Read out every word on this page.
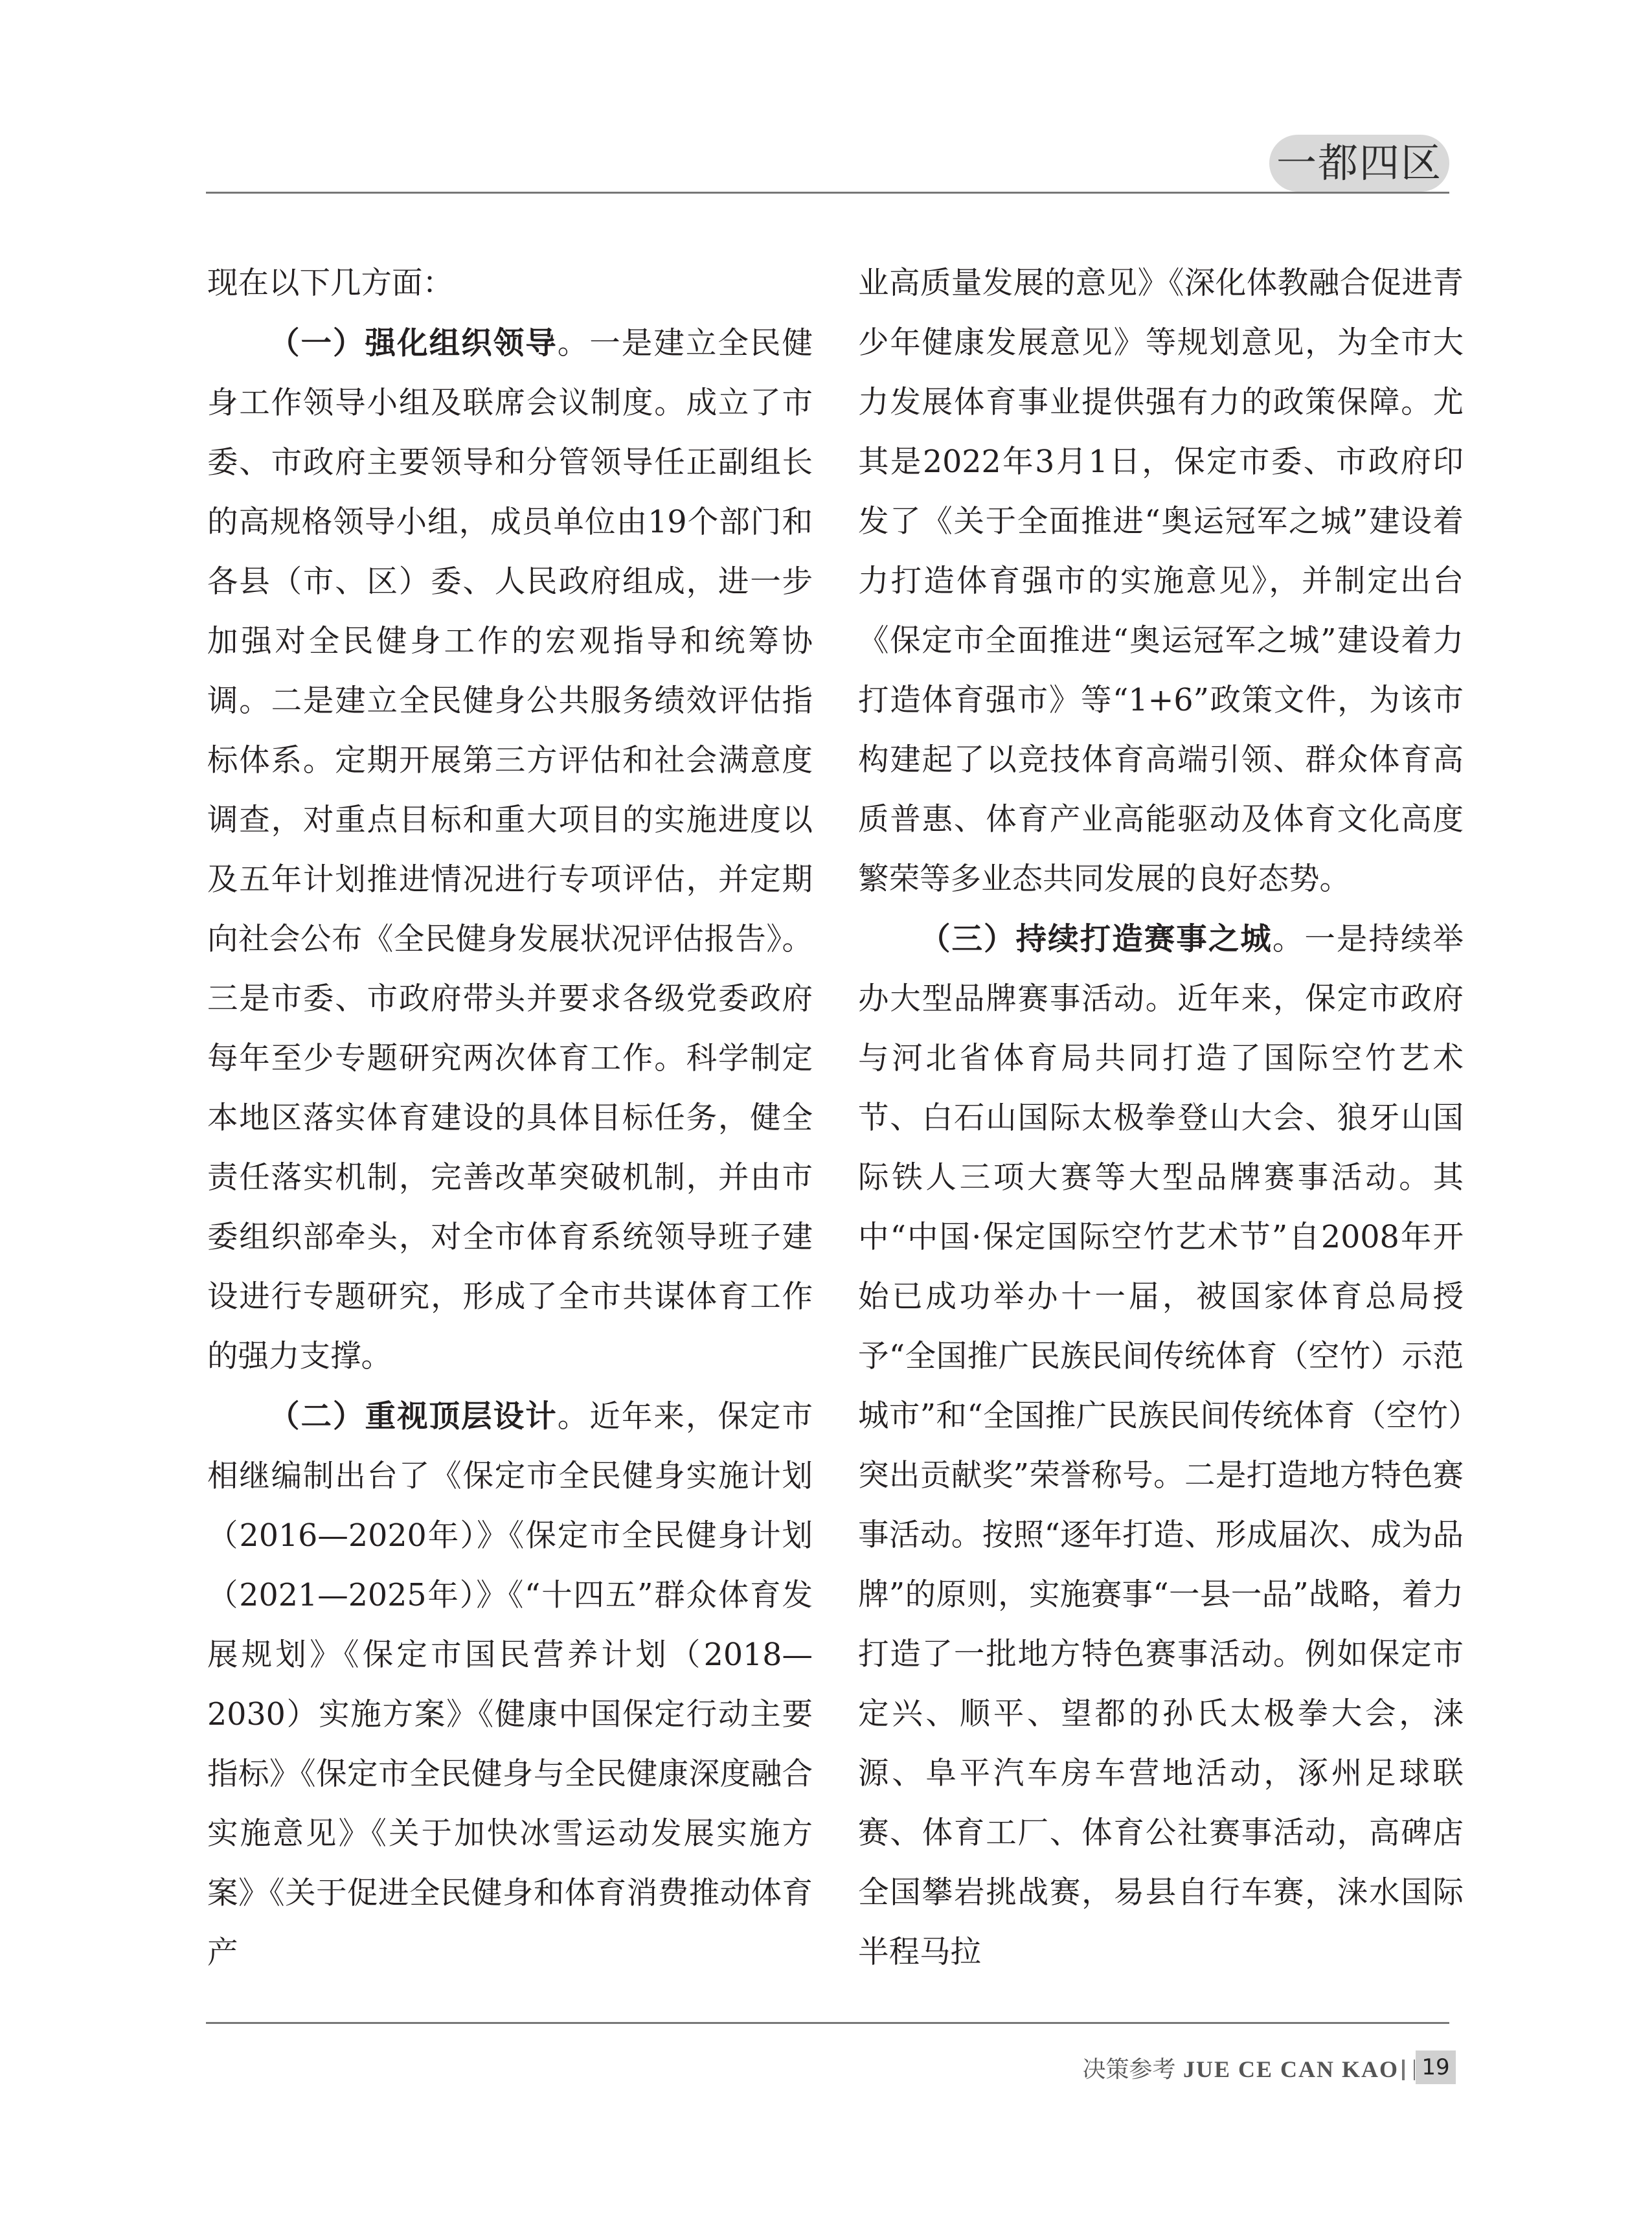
一都四区

现在以下几方面：

（一）强化组织领导。一是建立全民健身工作领导小组及联席会议制度。成立了市委、市政府主要领导和分管领导任正副组长的高规格领导小组，成员单位由19个部门和各县（市、区）委、人民政府组成，进一步加强对全民健身工作的宏观指导和统筹协调。二是建立全民健身公共服务绩效评估指标体系。定期开展第三方评估和社会满意度调查，对重点目标和重大项目的实施进度以及五年计划推进情况进行专项评估，并定期向社会公布《全民健身发展状况评估报告》。三是市委、市政府带头并要求各级党委政府每年至少专题研究两次体育工作。科学制定本地区落实体育建设的具体目标任务，健全责任落实机制，完善改革突破机制，并由市委组织部牵头，对全市体育系统领导班子建设进行专题研究，形成了全市共谋体育工作的强力支撑。

（二）重视顶层设计。近年来，保定市相继编制出台了《保定市全民健身实施计划（2016—2020年）》《保定市全民健身计划（2021—2025年）》《“十四五”群众体育发展规划》《保定市国民营养计划（2018—2030）实施方案》《健康中国保定行动主要指标》《保定市全民健身与全民健康深度融合实施意见》《关于加快冰雪运动发展实施方案》《关于促进全民健身和体育消费推动体育产

业高质量发展的意见》《深化体教融合促进青少年健康发展意见》等规划意见，为全市大力发展体育事业提供强有力的政策保障。尤其是2022年3月1日，保定市委、市政府印发了《关于全面推进“奥运冠军之城”建设着力打造体育强市的实施意见》，并制定出台《保定市全面推进“奥运冠军之城”建设着力打造体育强市》等“1+6”政策文件，为该市构建起了以竞技体育高端引领、群众体育高质普惠、体育产业高能驱动及体育文化高度繁荣等多业态共同发展的良好态势。

（三）持续打造赛事之城。一是持续举办大型品牌赛事活动。近年来，保定市政府与河北省体育局共同打造了国际空竹艺术节、白石山国际太极拳登山大会、狼牙山国际铁人三项大赛等大型品牌赛事活动。其中“中国·保定国际空竹艺术节”自2008年开始已成功举办十一届，被国家体育总局授予“全国推广民族民间传统体育（空竹）示范城市”和“全国推广民族民间传统体育（空竹）突出贡献奖”荣誉称号。二是打造地方特色赛事活动。按照“逐年打造、形成届次、成为品牌”的原则，实施赛事“一县一品”战略，着力打造了一批地方特色赛事活动。例如保定市定兴、顺平、望都的孙氏太极拳大会，涞源、阜平汽车房车营地活动，涿州足球联赛、体育工厂、体育公社赛事活动，高碑店全国攀岩挑战赛，易县自行车赛，涞水国际半程马拉

决策参考 JUE CE CAN KAO 19
